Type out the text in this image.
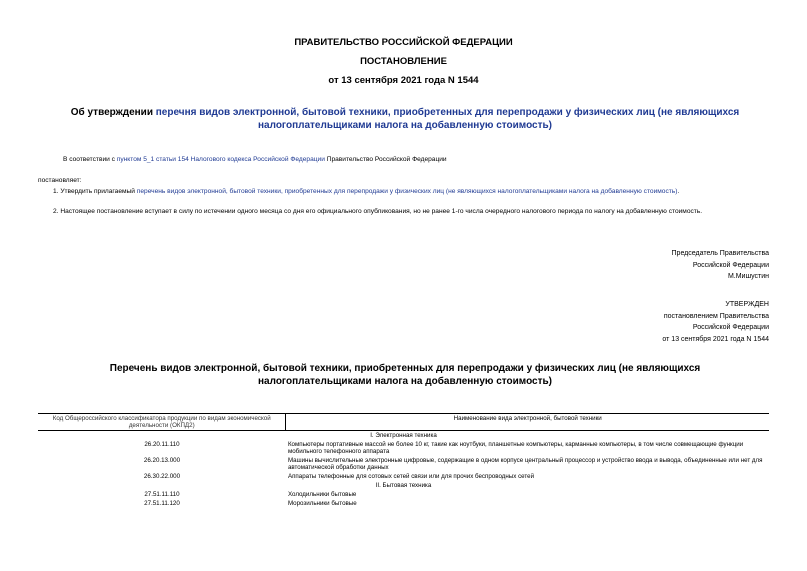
ПРАВИТЕЛЬСТВО РОССИЙСКОЙ ФЕДЕРАЦИИ
ПОСТАНОВЛЕНИЕ
от 13 сентября 2021 года N 1544
Об утверждении перечня видов электронной, бытовой техники, приобретенных для перепродажи у физических лиц (не являющихся налогоплательщиками налога на добавленную стоимость)
В соответствии с пунктом 5_1 статьи 154 Налогового кодекса Российской Федерации Правительство Российской Федерации
постановляет:
1. Утвердить прилагаемый перечень видов электронной, бытовой техники, приобретенных для перепродажи у физических лиц (не являющихся налогоплательщиками налога на добавленную стоимость).
2. Настоящее постановление вступает в силу по истечении одного месяца со дня его официального опубликования, но не ранее 1-го числа очередного налогового периода по налогу на добавленную стоимость.
Председатель Правительства
Российской Федерации
М.Мишустин
УТВЕРЖДЕН
постановлением Правительства
Российской Федерации
от 13 сентября 2021 года N 1544
Перечень видов электронной, бытовой техники, приобретенных для перепродажи у физических лиц (не являющихся налогоплательщиками налога на добавленную стоимость)
Код Общероссийского классификатора продукции по видам экономической деятельности (ОКПД2)	Наименование вида электронной, бытовой техники
I. Электронная техника	
26.20.11.110	Компьютеры портативные массой не более 10 кг, такие как ноутбуки, планшетные компьютеры, карманные компьютеры, в том числе совмещающие функции мобильного телефонного аппарата
26.20.13.000	Машины вычислительные электронные цифровые, содержащие в одном корпусе центральный процессор и устройство ввода и вывода, объединенные или нет для автоматической обработки данных
26.30.22.000	Аппараты телефонные для сотовых сетей связи или для прочих беспроводных сетей
II. Бытовая техника	
27.51.11.110	Холодильники бытовые
27.51.11.120	Морозильники бытовые
